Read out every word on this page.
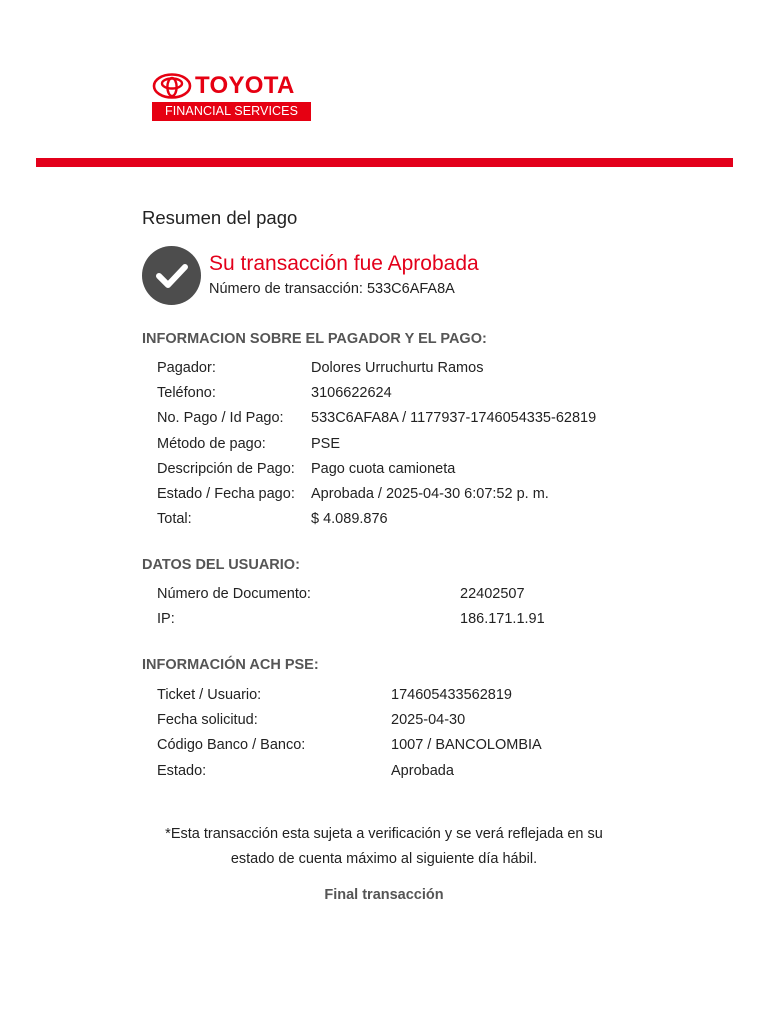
TOYOTA
FINANCIAL SERVICES
Resumen del pago
Su transacción fue Aprobada
Número de transacción: 533C6AFA8A
INFORMACION SOBRE EL PAGADOR Y EL PAGO:
Pagador:	Dolores Urruchurtu Ramos
Teléfono:	3106622624
No. Pago / Id Pago: 533C6AFA8A / 1177937-1746054335-62819
Método de pago:	PSE
Descripción de Pago: Pago cuota camioneta
Estado / Fecha pago: Aprobada / 2025-04-30 6:07:52 p. m.
Total:	$ 4.089.876
DATOS DEL USUARIO:
Número de Documento:	22402507
IP:	186.171.1.91
INFORMACIÓN ACH PSE:
Ticket / Usuario:	174605433562819
Fecha solicitud:	2025-04-30
Código Banco / Banco:	1007 / BANCOLOMBIA
Estado:	Aprobada
*Esta transacción esta sujeta a verificación y se verá reflejada en su
estado de cuenta máximo al siguiente día hábil.
Final transacción
